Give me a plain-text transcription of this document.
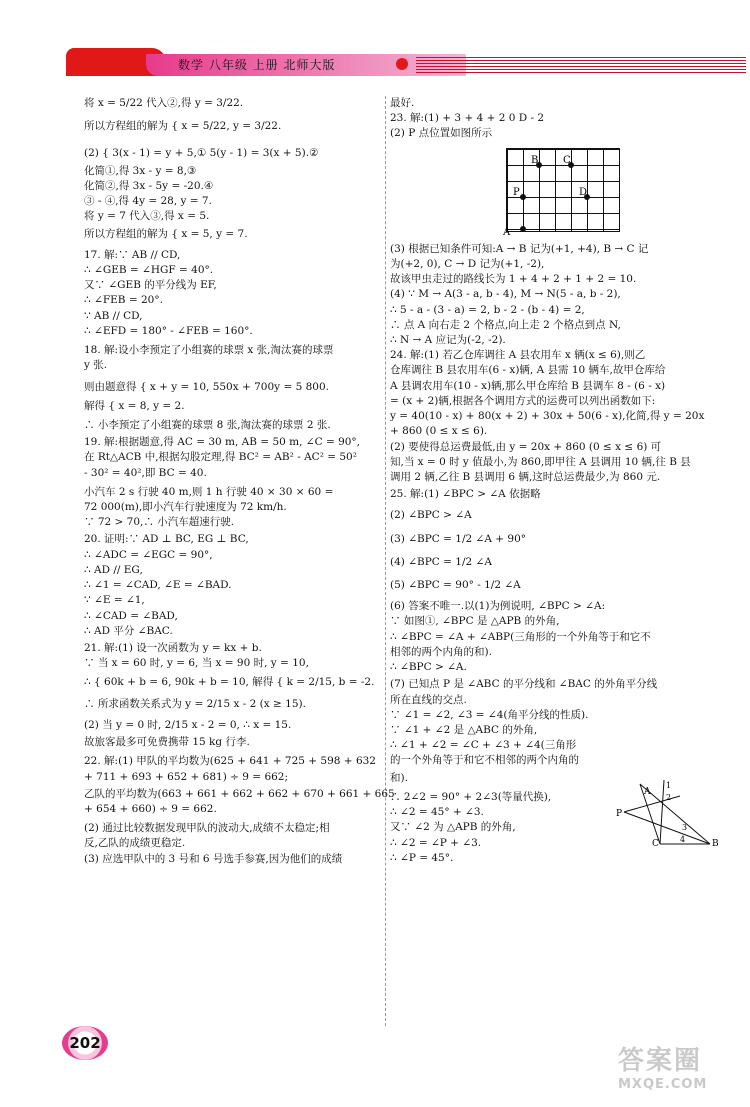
数学 八年级 上册 北师大版
将 x = 5/22 代入②,得 y = 3/22.
所以方程组的解为 { x = 5/22, y = 3/22.
(2) { 3(x - 1) = y + 5,① 5(y - 1) = 3(x + 5).②
化简①,得 3x - y = 8,③
化简②,得 3x - 5y = -20.④
③ - ④,得 4y = 28, y = 7.
将 y = 7 代入③,得 x = 5.
所以方程组的解为 { x = 5, y = 7.
17. 解:∵ AB // CD,
∴ ∠GEB = ∠HGF = 40°.
又∵ ∠GEB 的平分线为 EF,
∴ ∠FEB = 20°.
∵ AB // CD,
∴ ∠EFD = 180° - ∠FEB = 160°.
18. 解:设小李预定了小组赛的球票 x 张,淘汰赛的球票
y 张.
则由题意得 { x + y = 10, 550x + 700y = 5 800.
解得 { x = 8, y = 2.
∴ 小李预定了小组赛的球票 8 张,淘汰赛的球票 2 张.
19. 解:根据题意,得 AC = 30 m, AB = 50 m, ∠C = 90°,
在 Rt△ACB 中,根据勾股定理,得 BC² = AB² - AC² = 50²
- 30² = 40²,即 BC = 40.
小汽车 2 s 行驶 40 m,则 1 h 行驶 40 × 30 × 60 =
72 000(m),即小汽车行驶速度为 72 km/h.
∵ 72 > 70,∴ 小汽车超速行驶.
20. 证明:∵ AD ⊥ BC, EG ⊥ BC,
∴ ∠ADC = ∠EGC = 90°,
∴ AD // EG,
∴ ∠1 = ∠CAD, ∠E = ∠BAD.
∵ ∠E = ∠1,
∴ ∠CAD = ∠BAD,
∴ AD 平分 ∠BAC.
21. 解:(1) 设一次函数为 y = kx + b.
∵ 当 x = 60 时, y = 6, 当 x = 90 时, y = 10,
∴ { 60k + b = 6, 90k + b = 10, 解得 { k = 2/15, b = -2.
∴ 所求函数关系式为 y = 2/15 x - 2 (x ≥ 15).
(2) 当 y = 0 时, 2/15 x - 2 = 0, ∴ x = 15.
故旅客最多可免费携带 15 kg 行李.
22. 解:(1) 甲队的平均数为(625 + 641 + 725 + 598 + 632
+ 711 + 693 + 652 + 681) ÷ 9 = 662;
乙队的平均数为(663 + 661 + 662 + 662 + 670 + 661 + 665
+ 654 + 660) ÷ 9 = 662.
(2) 通过比较数据发现甲队的波动大,成绩不太稳定;相
反,乙队的成绩更稳定.
(3) 应选甲队中的 3 号和 6 号选手参赛,因为他们的成绩
最好.
23. 解:(1) + 3 + 4 + 2 0 D - 2
(2) P 点位置如图所示
(3) 根据已知条件可知:A → B 记为(+1, +4), B → C 记
为(+2, 0), C → D 记为(+1, -2),
故该甲虫走过的路线长为 1 + 4 + 2 + 1 + 2 = 10.
(4) ∵ M → A(3 - a, b - 4), M → N(5 - a, b - 2),
∴ 5 - a - (3 - a) = 2, b - 2 - (b - 4) = 2,
∴ 点 A 向右走 2 个格点,向上走 2 个格点到点 N,
∴ N → A 应记为(-2, -2).
24. 解:(1) 若乙仓库调往 A 县农用车 x 辆(x ≤ 6),则乙
仓库调往 B 县农用车(6 - x)辆, A 县需 10 辆车,故甲仓库给
A 县调农用车(10 - x)辆,那么甲仓库给 B 县调车 8 - (6 - x)
= (x + 2)辆,根据各个调用方式的运费可以列出函数如下:
y = 40(10 - x) + 80(x + 2) + 30x + 50(6 - x),化简,得 y = 20x
+ 860 (0 ≤ x ≤ 6).
(2) 要使得总运费最低,由 y = 20x + 860 (0 ≤ x ≤ 6) 可
知,当 x = 0 时 y 值最小,为 860,即甲往 A 县调用 10 辆,往 B 县
调用 2 辆,乙往 B 县调用 6 辆,这时总运费最少,为 860 元.
25. 解:(1) ∠BPC > ∠A 依据略
(2) ∠BPC > ∠A
(3) ∠BPC = 1/2 ∠A + 90°
(4) ∠BPC = 1/2 ∠A
(5) ∠BPC = 90° - 1/2 ∠A
(6) 答案不唯一.以(1)为例说明, ∠BPC > ∠A:
∵ 如图①, ∠BPC 是 △APB 的外角,
∴ ∠BPC = ∠A + ∠ABP(三角形的一个外角等于和它不
相邻的两个内角的和).
∴ ∠BPC > ∠A.
(7) 已知点 P 是 ∠ABC 的平分线和 ∠BAC 的外角平分线
所在直线的交点.
∵ ∠1 = ∠2, ∠3 = ∠4(角平分线的性质).
∵ ∠1 + ∠2 是 △ABC 的外角,
∴ ∠1 + ∠2 = ∠C + ∠3 + ∠4(三角形
的一个外角等于和它不相邻的两个内角的
和).
∴ 2∠2 = 90° + 2∠3(等量代换),
∴ ∠2 = 45° + ∠3.
又∵ ∠2 为 △APB 的外角,
∴ ∠2 = ∠P + ∠3.
∴ ∠P = 45°.
B C
P	D
A
A
P
C	B
1
2
3
4
202
答案圈
MXQE.COM
